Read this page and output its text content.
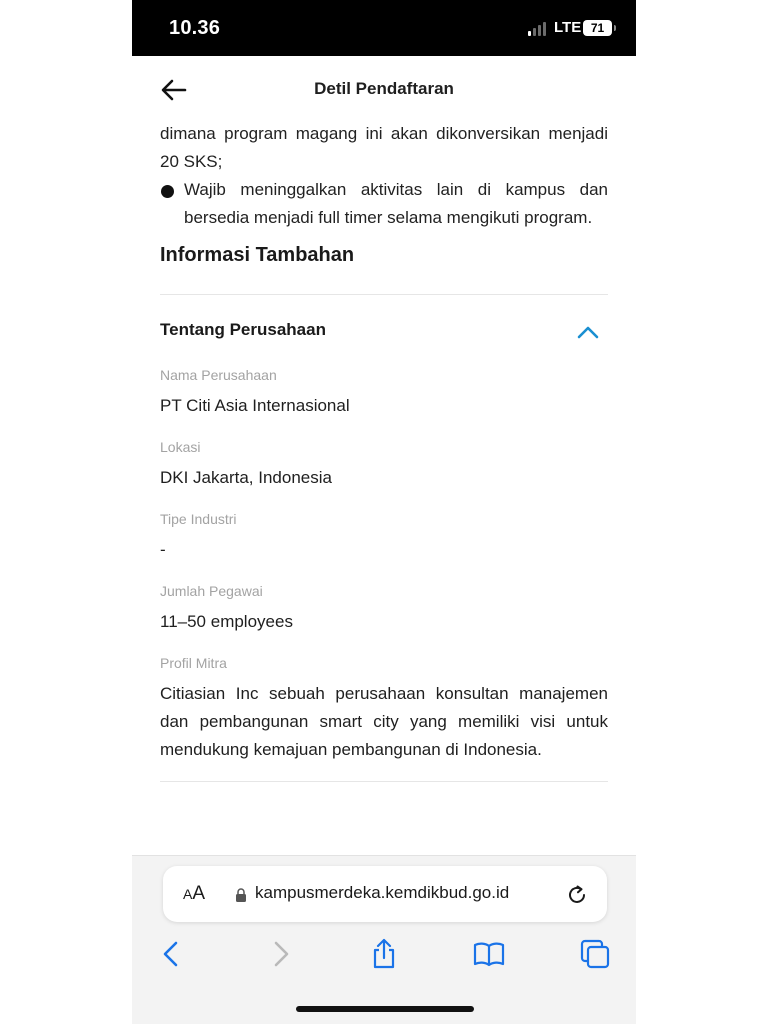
10.36	LTE 71
Detil Pendaftaran

dimana program magang ini akan dikonversikan menjadi 20 SKS;

Wajib meninggalkan aktivitas lain di kampus dan bersedia menjadi full timer selama mengikuti program.

Informasi Tambahan
Tentang Perusahaan
Nama Perusahaan
PT Citi Asia Internasional
Lokasi
DKI Jakarta, Indonesia
Tipe Industri
-
Jumlah Pegawai
11–50 employees
Profil Mitra
Citiasian Inc sebuah perusahaan konsultan manajemen dan pembangunan smart city yang memiliki visi untuk mendukung kemajuan pembangunan di Indonesia.
AA	kampusmerdeka.kemdikbud.go.id
